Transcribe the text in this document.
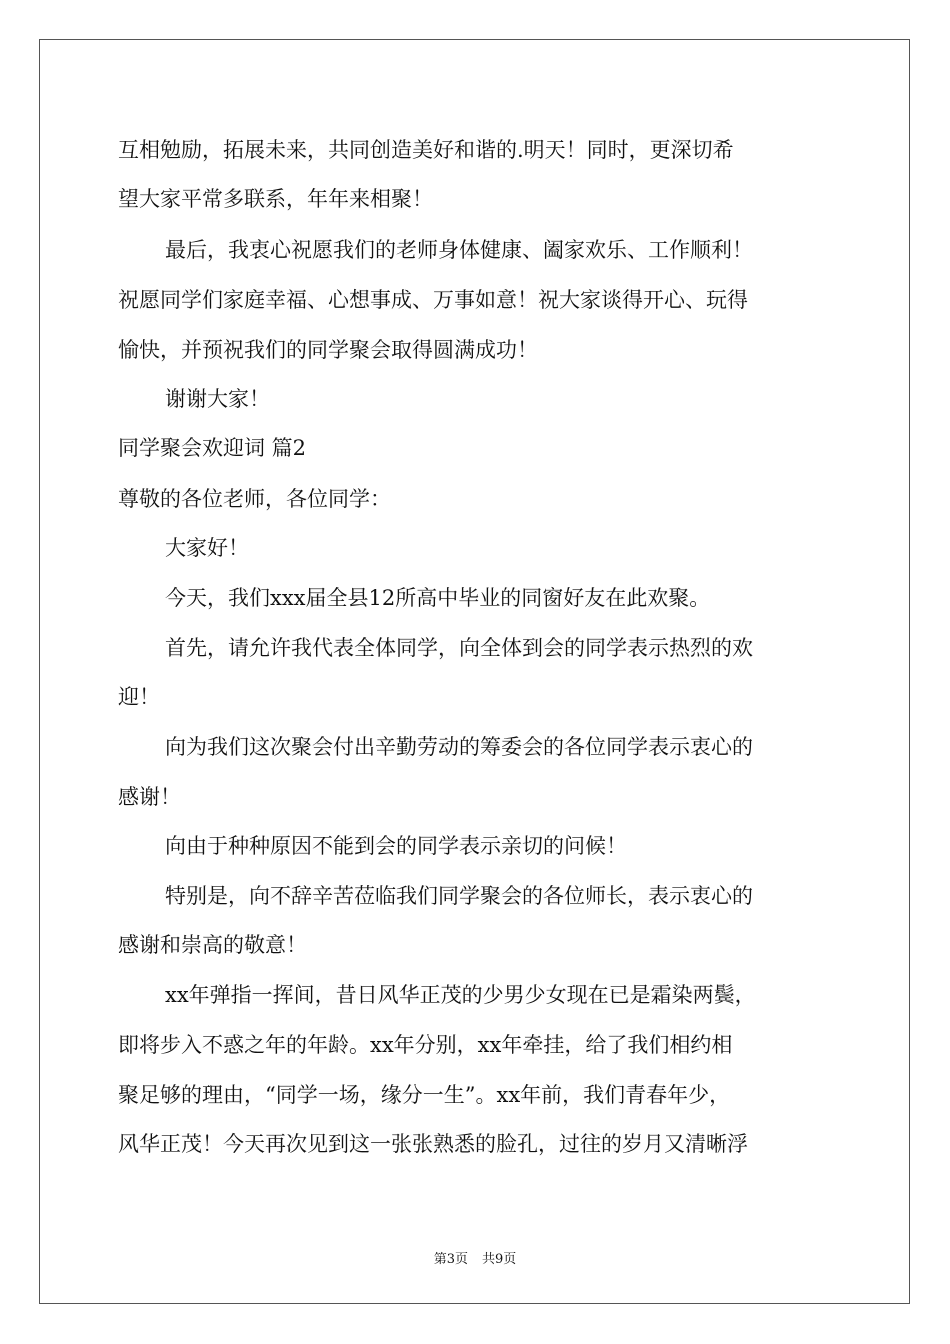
互相勉励，拓展未来，共同创造美好和谐的.明天！同时，更深切希
望大家平常多联系，年年来相聚！
最后，我衷心祝愿我们的老师身体健康、阖家欢乐、工作顺利！
祝愿同学们家庭幸福、心想事成、万事如意！祝大家谈得开心、玩得
愉快，并预祝我们的同学聚会取得圆满成功！
谢谢大家！
同学聚会欢迎词 篇2
尊敬的各位老师，各位同学：
大家好！
今天，我们xxx届全县12所高中毕业的同窗好友在此欢聚。
首先，请允许我代表全体同学，向全体到会的同学表示热烈的欢
迎！
向为我们这次聚会付出辛勤劳动的筹委会的各位同学表示衷心的
感谢！
向由于种种原因不能到会的同学表示亲切的问候！
特别是，向不辞辛苦莅临我们同学聚会的各位师长，表示衷心的
感谢和崇高的敬意！
xx年弹指一挥间，昔日风华正茂的少男少女现在已是霜染两鬓，
即将步入不惑之年的年龄。xx年分别，xx年牵挂，给了我们相约相
聚足够的理由，“同学一场，缘分一生”。xx年前，我们青春年少，
风华正茂！今天再次见到这一张张熟悉的脸孔，过往的岁月又清晰浮
第3页 共9页
